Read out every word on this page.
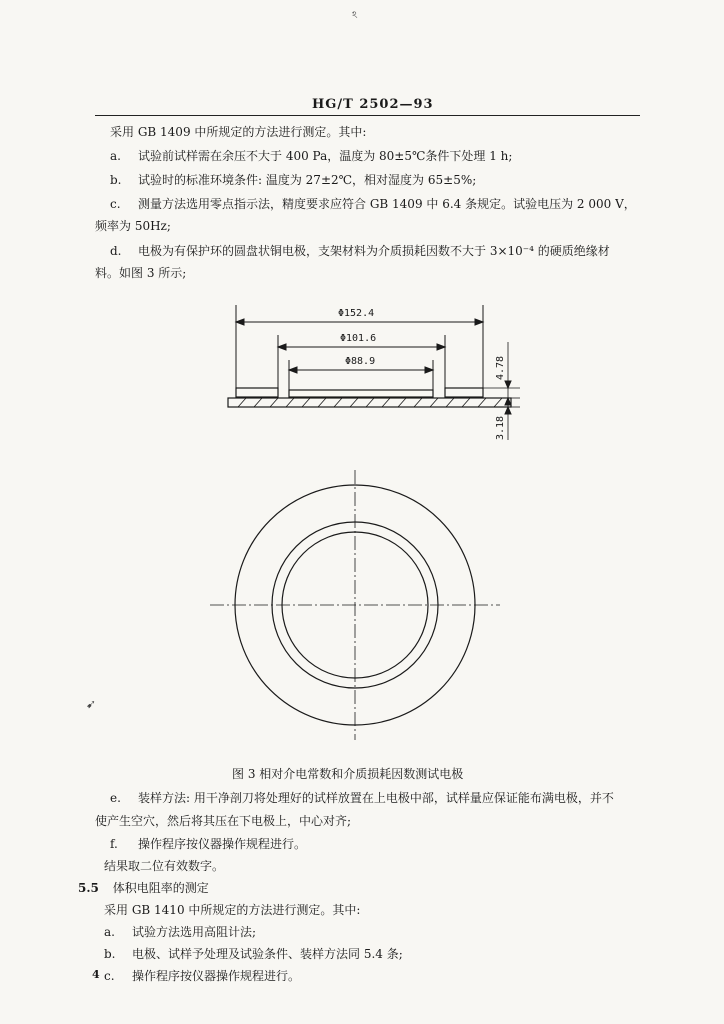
ঽ
HG/T 2502—93
采用 GB 1409 中所规定的方法进行测定。其中:
a. 试验前试样需在余压不大于 400 Pa，温度为 80±5℃条件下处理 1 h;
b. 试验时的标准环境条件: 温度为 27±2℃，相对湿度为 65±5%;
c. 测量方法选用零点指示法，精度要求应符合 GB 1409 中 6.4 条规定。试验电压为 2 000 V，
频率为 50Hz;
d. 电极为有保护环的圆盘状铜电极，支架材料为介质损耗因数不大于 3×10⁻⁴ 的硬质绝缘材
料。如图 3 所示;
Φ152.4
Φ101.6
Φ88.9	4.78
3.18
➹
图 3 相对介电常数和介质损耗因数测试电极
e. 装样方法: 用干净剖刀将处理好的试样放置在上电极中部，试样量应保证能布满电极，并不
使产生空穴，然后将其压在下电极上，中心对齐;
f. 操作程序按仪器操作规程进行。
结果取二位有效数字。
5.5 体积电阻率的测定
采用 GB 1410 中所规定的方法进行测定。其中:
a. 试验方法选用高阻计法;
b. 电极、试样予处理及试验条件、装样方法同 5.4 条;
c. 操作程序按仪器操作规程进行。
4
